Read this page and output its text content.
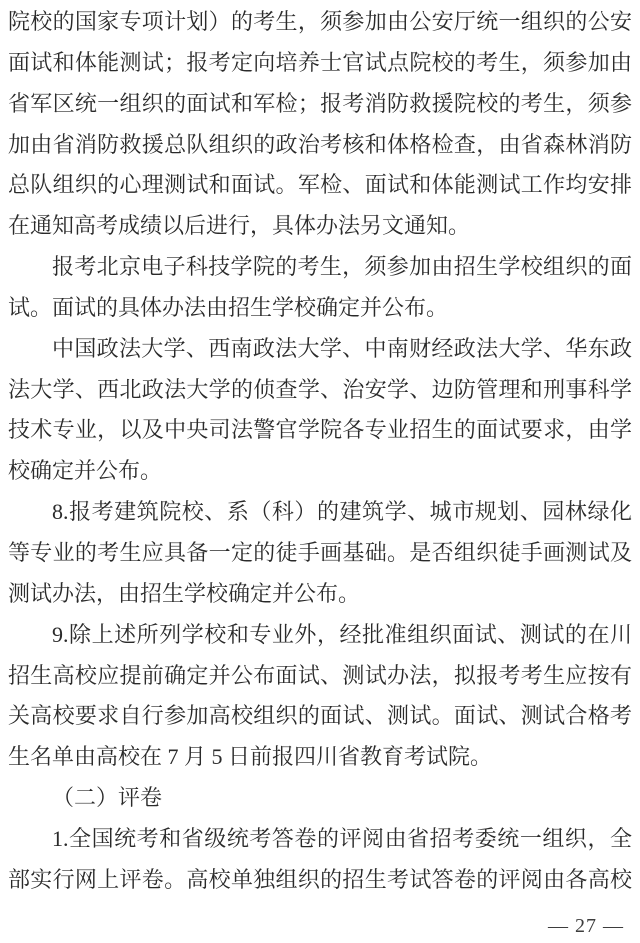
院校的国家专项计划）的考生，须参加由公安厅统一组织的公安
面试和体能测试；报考定向培养士官试点院校的考生，须参加由
省军区统一组织的面试和军检；报考消防救援院校的考生，须参
加由省消防救援总队组织的政治考核和体格检查，由省森林消防
总队组织的心理测试和面试。军检、面试和体能测试工作均安排
在通知高考成绩以后进行，具体办法另文通知。
报考北京电子科技学院的考生，须参加由招生学校组织的面
试。面试的具体办法由招生学校确定并公布。
中国政法大学、西南政法大学、中南财经政法大学、华东政
法大学、西北政法大学的侦查学、治安学、边防管理和刑事科学
技术专业，以及中央司法警官学院各专业招生的面试要求，由学
校确定并公布。
8.报考建筑院校、系（科）的建筑学、城市规划、园林绿化
等专业的考生应具备一定的徒手画基础。是否组织徒手画测试及
测试办法，由招生学校确定并公布。
9.除上述所列学校和专业外，经批准组织面试、测试的在川
招生高校应提前确定并公布面试、测试办法，拟报考考生应按有
关高校要求自行参加高校组织的面试、测试。面试、测试合格考
生名单由高校在 7 月 5 日前报四川省教育考试院。
（二）评卷
1.全国统考和省级统考答卷的评阅由省招考委统一组织，全
部实行网上评卷。高校单独组织的招生考试答卷的评阅由各高校
— 27 —
